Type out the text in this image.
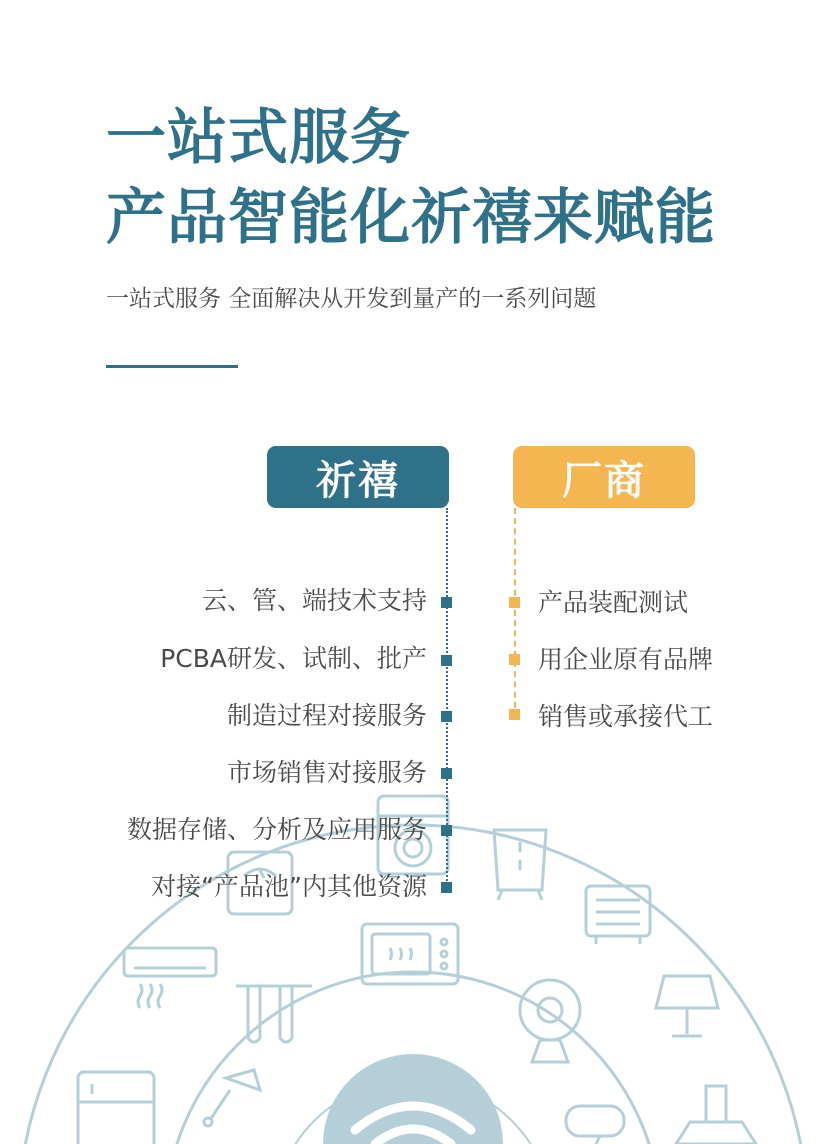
一站式服务
产品智能化祈禧来赋能

一站式服务 全面解决从开发到量产的一系列问题

祈禧	厂商
云、管、端技术支持
PCBA研发、试制、批产
制造过程对接服务
市场销售对接服务
数据存储、分析及应用服务
对接“产品池”内其他资源
产品装配测试
用企业原有品牌
销售或承接代工
